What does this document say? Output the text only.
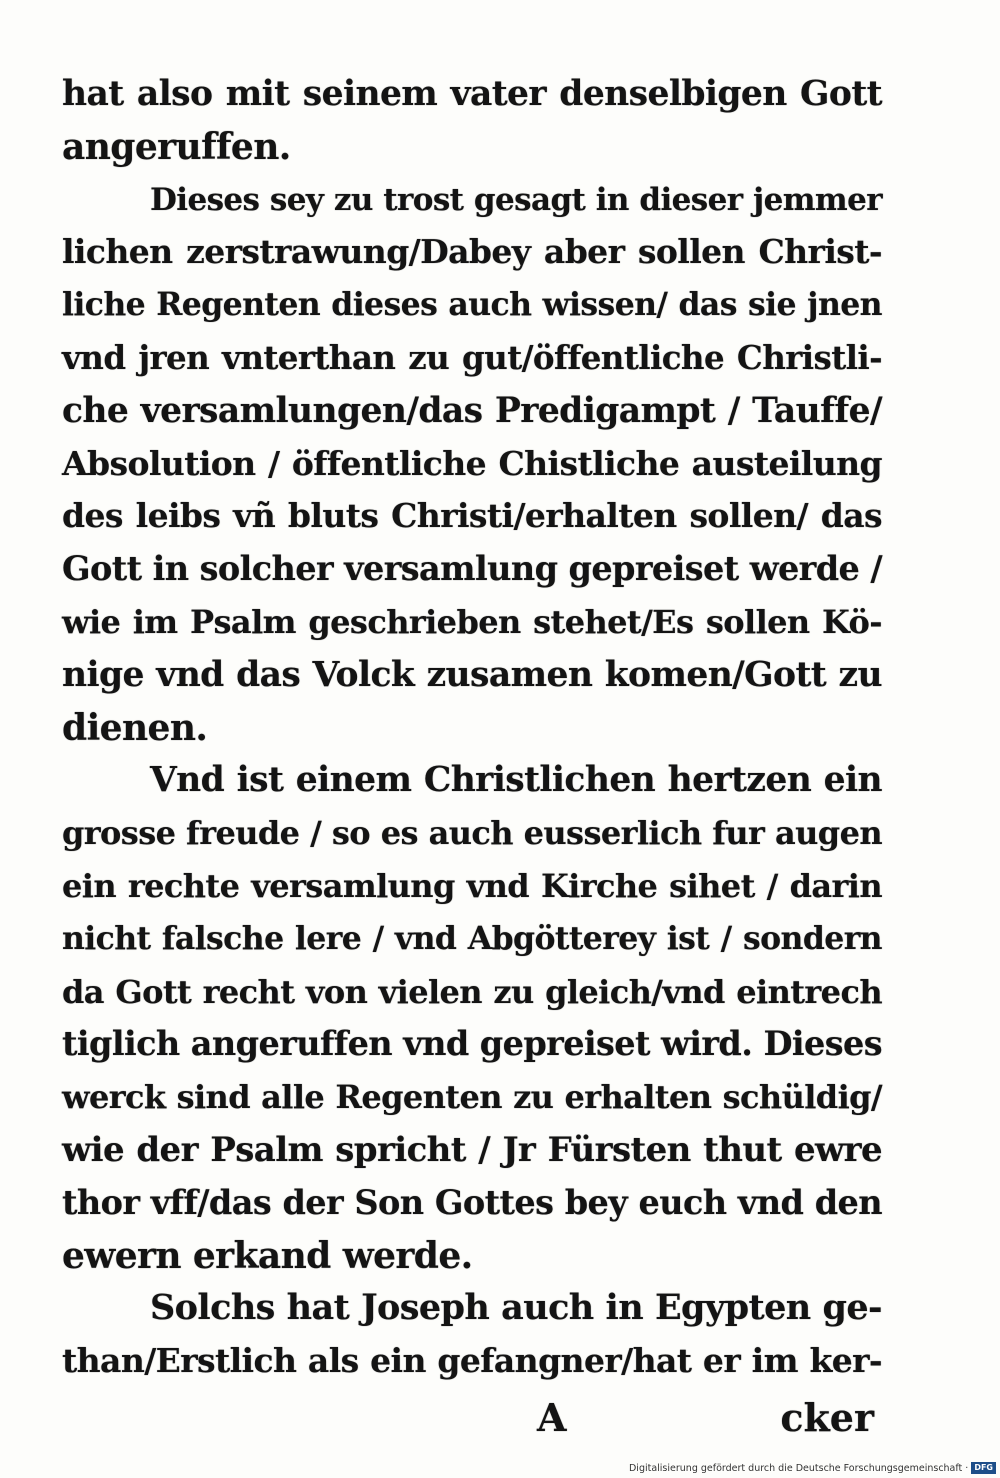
hat also mit seinem vater denselbigen Gott
angeruffen.
Dieses sey zu trost gesagt in dieser jemmer
lichen zerstrawung/Dabey aber sollen Christ-
liche Regenten dieses auch wissen/ das sie jnen
vnd jren vnterthan zu gut/öffentliche Christli-
che versamlungen/das Predigampt / Tauffe/
Absolution / öffentliche Chistliche austeilung
des leibs vñ bluts Christi/erhalten sollen/ das
Gott in solcher versamlung gepreiset werde /
wie im Psalm geschrieben stehet/Es sollen Kö-
nige vnd das Volck zusamen komen/Gott zu
dienen.
Vnd ist einem Christlichen hertzen ein
grosse freude / so es auch eusserlich fur augen
ein rechte versamlung vnd Kirche sihet / darin
nicht falsche lere / vnd Abgötterey ist / sondern
da Gott recht von vielen zu gleich/vnd eintrech
tiglich angeruffen vnd gepreiset wird. Dieses
werck sind alle Regenten zu erhalten schüldig/
wie der Psalm spricht / Jr Fürsten thut ewre
thor vff/das der Son Gottes bey euch vnd den
ewern erkand werde.
Solchs hat Joseph auch in Egypten ge-
than/Erstlich als ein gefangner/hat er im ker-
A	cker
Digitalisierung gefördert durch die Deutsche Forschungsgemeinschaft · DFG
